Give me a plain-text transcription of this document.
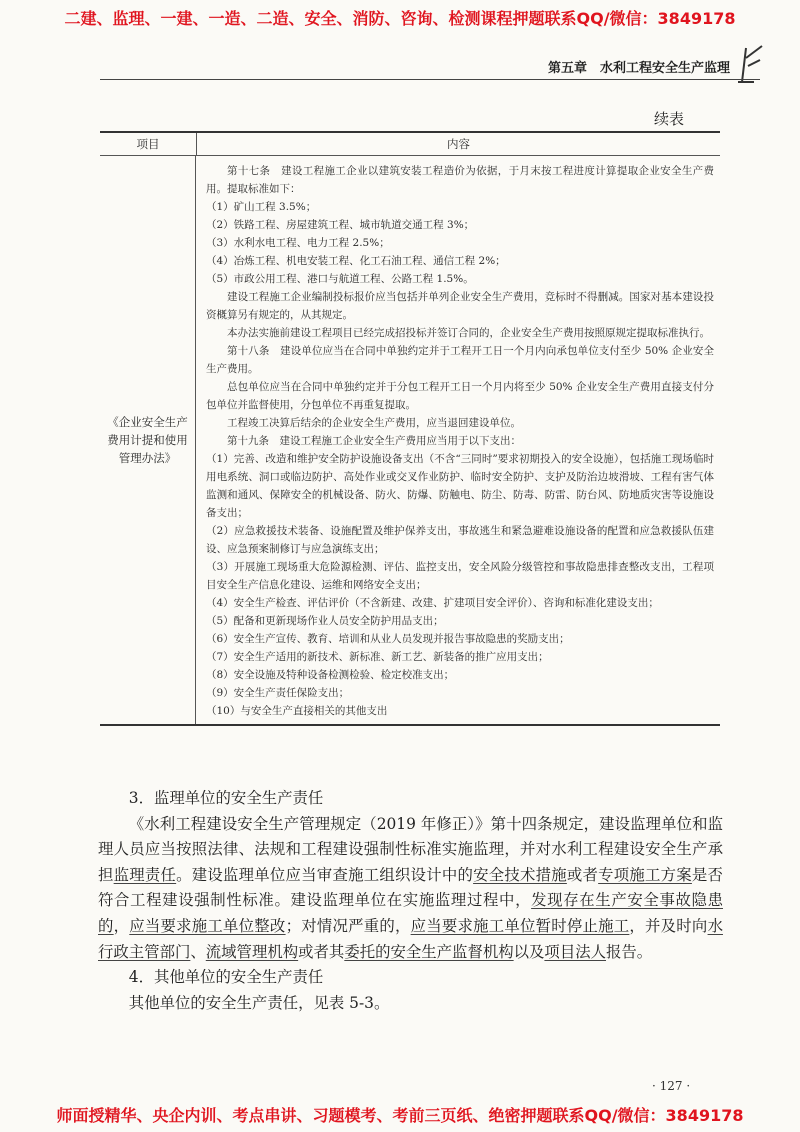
二建、监理、一建、一造、二造、安全、消防、咨询、检测课程押题联系QQ/微信：3849178
第五章　水利工程安全生产监理
续表
项目	内容
《企业安全生产费用计提和使用管理办法》

第十七条　建设工程施工企业以建筑安装工程造价为依据，于月末按工程进度计算提取企业安全生产费用。提取标准如下：

（1）矿山工程 3.5%；

（2）铁路工程、房屋建筑工程、城市轨道交通工程 3%；

（3）水利水电工程、电力工程 2.5%；

（4）冶炼工程、机电安装工程、化工石油工程、通信工程 2%；

（5）市政公用工程、港口与航道工程、公路工程 1.5%。

建设工程施工企业编制投标报价应当包括并单列企业安全生产费用，竞标时不得删减。国家对基本建设投资概算另有规定的，从其规定。

本办法实施前建设工程项目已经完成招投标并签订合同的，企业安全生产费用按照原规定提取标准执行。

第十八条　建设单位应当在合同中单独约定并于工程开工日一个月内向承包单位支付至少 50% 企业安全生产费用。

总包单位应当在合同中单独约定并于分包工程开工日一个月内将至少 50% 企业安全生产费用直接支付分包单位并监督使用，分包单位不再重复提取。

工程竣工决算后结余的企业安全生产费用，应当退回建设单位。

第十九条　建设工程施工企业安全生产费用应当用于以下支出：

（1）完善、改造和维护安全防护设施设备支出（不含“三同时”要求初期投入的安全设施），包括施工现场临时用电系统、洞口或临边防护、高处作业或交叉作业防护、临时安全防护、支护及防治边坡滑坡、工程有害气体监测和通风、保障安全的机械设备、防火、防爆、防触电、防尘、防毒、防雷、防台风、防地质灾害等设施设备支出；

（2）应急救援技术装备、设施配置及维护保养支出，事故逃生和紧急避难设施设备的配置和应急救援队伍建设、应急预案制修订与应急演练支出；

（3）开展施工现场重大危险源检测、评估、监控支出，安全风险分级管控和事故隐患排查整改支出，工程项目安全生产信息化建设、运维和网络安全支出；

（4）安全生产检查、评估评价（不含新建、改建、扩建项目安全评价）、咨询和标准化建设支出；

（5）配备和更新现场作业人员安全防护用品支出；

（6）安全生产宣传、教育、培训和从业人员发现并报告事故隐患的奖励支出；

（7）安全生产适用的新技术、新标准、新工艺、新装备的推广应用支出；

（8）安全设施及特种设备检测检验、检定校准支出；

（9）安全生产责任保险支出；

（10）与安全生产直接相关的其他支出

3．监理单位的安全生产责任

《水利工程建设安全生产管理规定（2019 年修正）》第十四条规定，建设监理单位和监理人员应当按照法律、法规和工程建设强制性标准实施监理，并对水利工程建设安全生产承担监理责任。建设监理单位应当审查施工组织设计中的安全技术措施或者专项施工方案是否符合工程建设强制性标准。建设监理单位在实施监理过程中，发现存在生产安全事故隐患的，应当要求施工单位整改；对情况严重的，应当要求施工单位暂时停止施工，并及时向水行政主管部门、流域管理机构或者其委托的安全生产监督机构以及项目法人报告。

4．其他单位的安全生产责任

其他单位的安全生产责任，见表 5-3。

· 127 ·
师面授精华、央企内训、考点串讲、习题模考、考前三页纸、绝密押题联系QQ/微信：3849178
